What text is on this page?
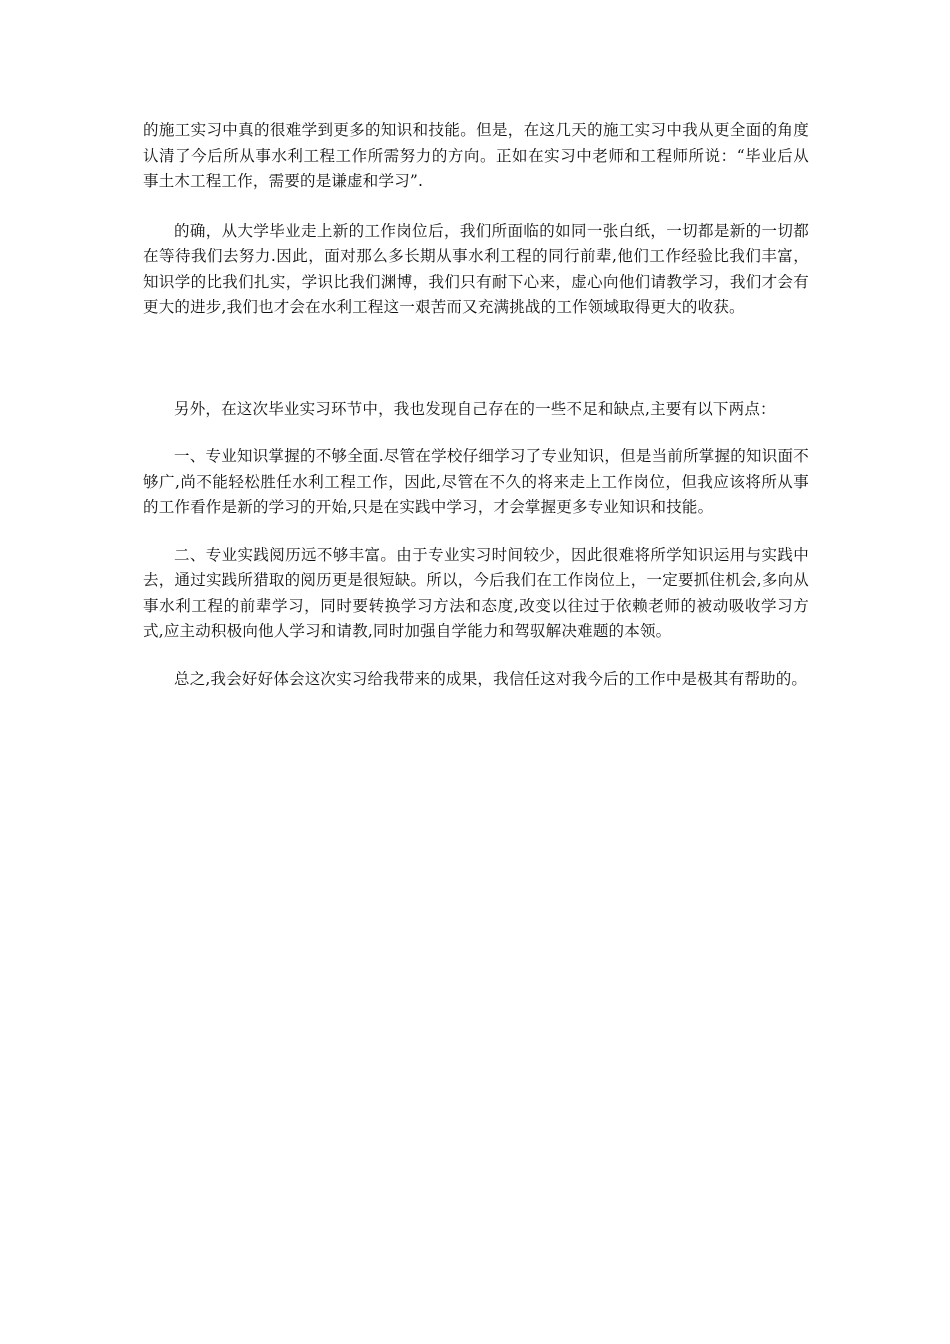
的施工实习中真的很难学到更多的知识和技能。但是，在这几天的施工实习中我从更全面的角度认清了今后所从事水利工程工作所需努力的方向。正如在实习中老师和工程师所说：“毕业后从事土木工程工作，需要的是谦虚和学习”.

的确，从大学毕业走上新的工作岗位后，我们所面临的如同一张白纸，一切都是新的一切都在等待我们去努力.因此，面对那么多长期从事水利工程的同行前辈,他们工作经验比我们丰富，知识学的比我们扎实，学识比我们渊博，我们只有耐下心来，虚心向他们请教学习，我们才会有更大的进步,我们也才会在水利工程这一艰苦而又充满挑战的工作领域取得更大的收获。

另外，在这次毕业实习环节中，我也发现自己存在的一些不足和缺点,主要有以下两点：

一、专业知识掌握的不够全面.尽管在学校仔细学习了专业知识，但是当前所掌握的知识面不够广,尚不能轻松胜任水利工程工作，因此,尽管在不久的将来走上工作岗位，但我应该将所从事的工作看作是新的学习的开始,只是在实践中学习，才会掌握更多专业知识和技能。

二、专业实践阅历远不够丰富。由于专业实习时间较少，因此很难将所学知识运用与实践中去，通过实践所猎取的阅历更是很短缺。所以，今后我们在工作岗位上，一定要抓住机会,多向从事水利工程的前辈学习，同时要转换学习方法和态度,改变以往过于依赖老师的被动吸收学习方式,应主动积极向他人学习和请教,同时加强自学能力和驾驭解决难题的本领。

总之,我会好好体会这次实习给我带来的成果，我信任这对我今后的工作中是极其有帮助的。
